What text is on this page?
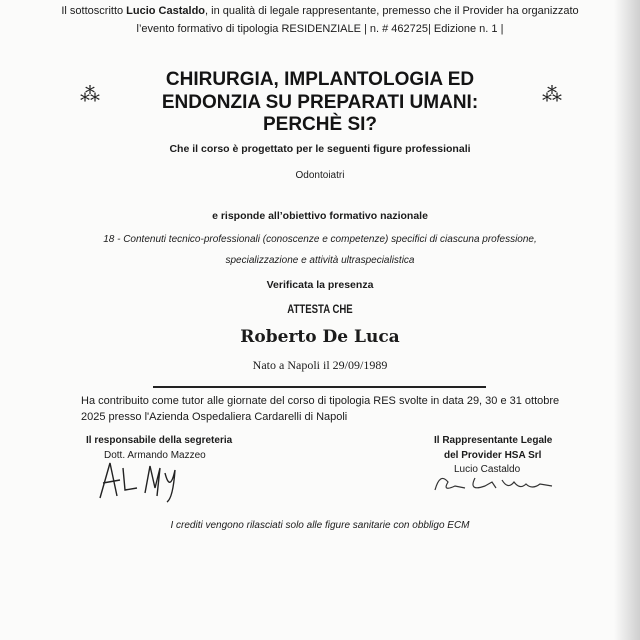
Il sottoscritto Lucio Castaldo, in qualità di legale rappresentante, premesso che il Provider ha organizzato
l’evento formativo di tipologia RESIDENZIALE | n. # 462725| Edizione n. 1 |
⁂	⁂
CHIRURGIA, IMPLANTOLOGIA ED
ENDONZIA SU PREPARATI UMANI:
PERCHÈ SI?
Che il corso è progettato per le seguenti figure professionali
Odontoiatri
e risponde all’obiettivo formativo nazionale
18 - Contenuti tecnico-professionali (conoscenze e competenze) specifici di ciascuna professione,
specializzazione e attività ultraspecialistica
Verificata la presenza
ATTESTA CHE
Roberto De Luca
Nato a Napoli il 29/09/1989
Ha contribuito come tutor alle giornate del corso di tipologia RES svolte in data 29, 30 e 31 ottobre
2025 presso l'Azienda Ospedaliera Cardarelli di Napoli
Il responsabile della segreteria
Dott. Armando Mazzeo
Il Rappresentante Legale
del Provider HSA Srl
Lucio Castaldo
I crediti vengono rilasciati solo alle figure sanitarie con obbligo ECM
